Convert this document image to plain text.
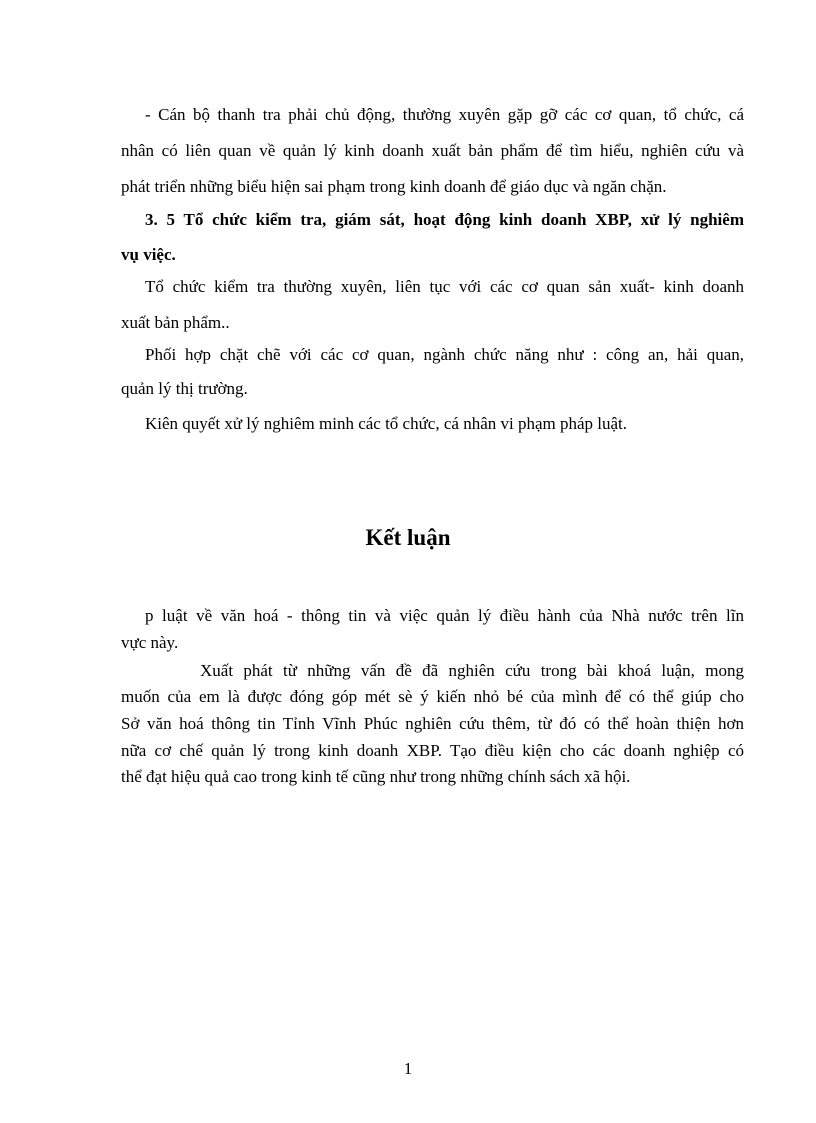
- Cán bộ thanh tra phải chủ động, thường xuyên gặp gỡ các cơ quan, tổ chức, cá
nhân có liên quan về quản lý kinh doanh xuất bản phẩm để tìm hiểu, nghiên cứu và
phát triển những biểu hiện sai phạm trong kinh doanh để giáo dục và ngăn chặn.
3. 5 Tổ chức kiểm tra, giám sát, hoạt động kinh doanh XBP, xử lý nghiêm
vụ việc.
Tổ chức kiểm tra thường xuyên, liên tục với các cơ quan sản xuất- kinh doanh
xuất bản phẩm..
Phối hợp chặt chẽ với các cơ quan, ngành chức năng như : công an, hải quan,
quản lý thị trường.
Kiên quyết xử lý nghiêm minh các tổ chức, cá nhân vi phạm pháp luật.
Kết luận
p luật về văn hoá - thông tin và việc quản lý điều hành của Nhà nước trên lĩn
vực này.
Xuất phát từ những vấn đề đã nghiên cứu trong bài khoá luận, mong
muốn của em là được đóng góp mét sè ý kiến nhỏ bé của mình để có thể giúp cho
Sở văn hoá thông tin Tỉnh Vĩnh Phúc nghiên cứu thêm, từ đó có thể hoàn thiện hơn
nữa cơ chế quản lý trong kinh doanh XBP. Tạo điều kiện cho các doanh nghiệp có
thể đạt hiệu quả cao trong kinh tế cũng như trong những chính sách xã hội.
1
